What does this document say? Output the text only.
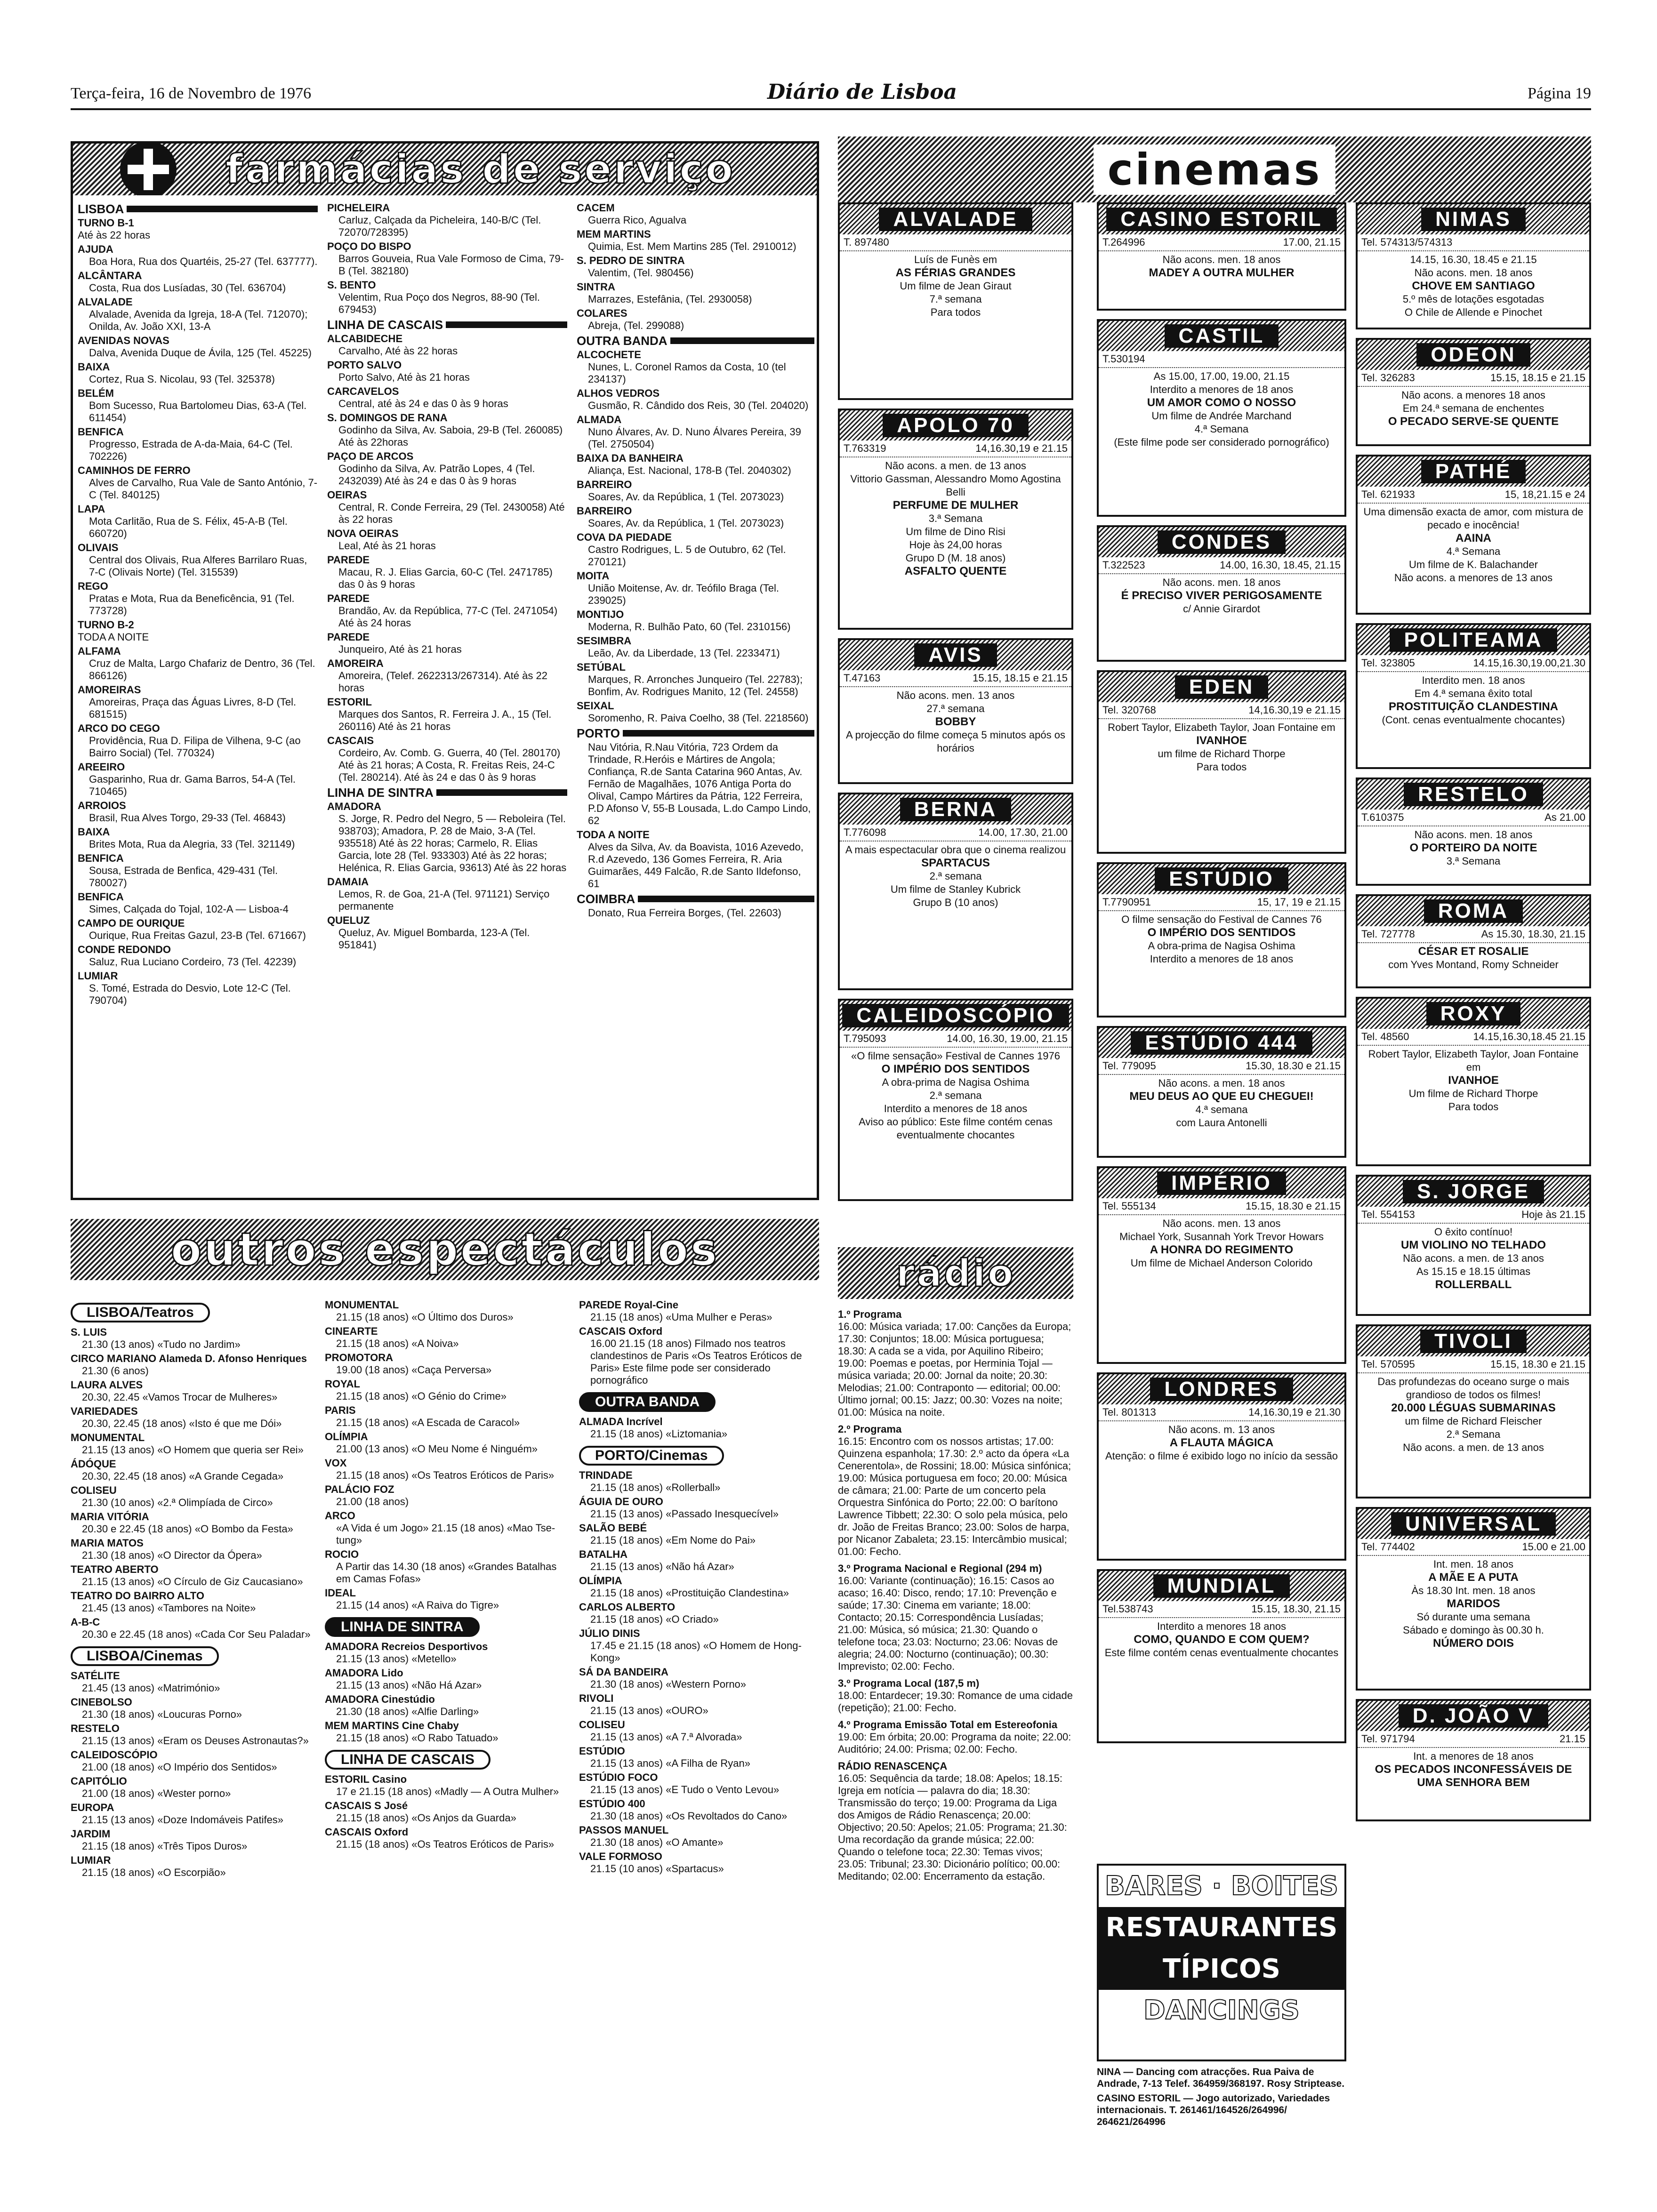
Terça-feira, 16 de Novembro de 1976	Diário de Lisboa	Página 19
farmácias de serviço
LISBOA
TURNO B-1
Até às 22 horas
AJUDA
Boa Hora, Rua dos Quartéis, 25-27 (Tel. 637777).
ALCÂNTARA
Costa, Rua dos Lusíadas, 30 (Tel. 636704)
ALVALADE
Alvalade, Avenida da Igreja, 18-A (Tel. 712070); Onilda, Av. João XXI, 13-A
AVENIDAS NOVAS
Dalva, Avenida Duque de Ávila, 125 (Tel. 45225)
BAIXA
Cortez, Rua S. Nicolau, 93 (Tel. 325378)
BELÉM
Bom Sucesso, Rua Bartolomeu Dias, 63-A (Tel. 611454)
BENFICA
Progresso, Estrada de A-da-Maia, 64-C (Tel. 702226)
CAMINHOS DE FERRO
Alves de Carvalho, Rua Vale de Santo António, 7-C (Tel. 840125)
LAPA
Mota Carlitão, Rua de S. Félix, 45-A-B (Tel. 660720)
OLIVAIS
Central dos Olivais, Rua Alferes Barrilaro Ruas, 7-C (Olivais Norte) (Tel. 315539)
REGO
Pratas e Mota, Rua da Beneficência, 91 (Tel. 773728)
TURNO B-2
TODA A NOITE
ALFAMA
Cruz de Malta, Largo Chafariz de Dentro, 36 (Tel. 866126)
AMOREIRAS
Amoreiras, Praça das Águas Livres, 8-D (Tel. 681515)
ARCO DO CEGO
Providência, Rua D. Filipa de Vilhena, 9-C (ao Bairro Social) (Tel. 770324)
AREEIRO
Gasparinho, Rua dr. Gama Barros, 54-A (Tel. 710465)
ARROIOS
Brasil, Rua Alves Torgo, 29-33 (Tel. 46843)
BAIXA
Brites Mota, Rua da Alegria, 33 (Tel. 321149)
BENFICA
Sousa, Estrada de Benfica, 429-431 (Tel. 780027)
BENFICA
Simes, Calçada do Tojal, 102-A — Lisboa-4
CAMPO DE OURIQUE
Ourique, Rua Freitas Gazul, 23-B (Tel. 671667)
CONDE REDONDO
Saluz, Rua Luciano Cordeiro, 73 (Tel. 42239)
LUMIAR
S. Tomé, Estrada do Desvio, Lote 12-C (Tel. 790704)
PICHELEIRA
Carluz, Calçada da Picheleira, 140-B/C (Tel. 72070/728395)
POÇO DO BISPO
Barros Gouveia, Rua Vale Formoso de Cima, 79-B (Tel. 382180)
S. BENTO
Velentim, Rua Poço dos Negros, 88-90 (Tel. 679453)
LINHA DE CASCAIS
ALCABIDECHE
Carvalho, Até às 22 horas
PORTO SALVO
Porto Salvo, Até às 21 horas
CARCAVELOS
Central, até às 24 e das 0 às 9 horas
S. DOMINGOS DE RANA
Godinho da Silva, Av. Saboia, 29-B (Tel. 260085) Até às 22horas
PAÇO DE ARCOS
Godinho da Silva, Av. Patrão Lopes, 4 (Tel. 2432039) Até às 24 e das 0 às 9 horas
OEIRAS
Central, R. Conde Ferreira, 29 (Tel. 2430058) Até às 22 horas
NOVA OEIRAS
Leal, Até às 21 horas
PAREDE
Macau, R. J. Elias Garcia, 60-C (Tel. 2471785) das 0 às 9 horas
PAREDE
Brandão, Av. da República, 77-C (Tel. 2471054) Até às 24 horas
PAREDE
Junqueiro, Até às 21 horas
AMOREIRA
Amoreira, (Telef. 2622313/267314). Até às 22 horas
ESTORIL
Marques dos Santos, R. Ferreira J. A., 15 (Tel. 260116) Até às 21 horas
CASCAIS
Cordeiro, Av. Comb. G. Guerra, 40 (Tel. 280170) Até às 21 horas; A Costa, R. Freitas Reis, 24-C (Tel. 280214). Até às 24 e das 0 às 9 horas
LINHA DE SINTRA
AMADORA
S. Jorge, R. Pedro del Negro, 5 — Reboleira (Tel. 938703); Amadora, P. 28 de Maio, 3-A (Tel. 935518) Até às 22 horas; Carmelo, R. Elias Garcia, lote 28 (Tel. 933303) Até às 22 horas; Helénica, R. Elias Garcia, 93613) Até às 22 horas
DAMAIA
Lemos, R. de Goa, 21-A (Tel. 971121) Serviço permanente
QUELUZ
Queluz, Av. Miguel Bombarda, 123-A (Tel. 951841)
CACEM
Guerra Rico, Agualva
MEM MARTINS
Quimia, Est. Mem Martins 285 (Tel. 2910012)
S. PEDRO DE SINTRA
Valentim, (Tel. 980456)
SINTRA
Marrazes, Estefânia, (Tel. 2930058)
COLARES
Abreja, (Tel. 299088)
OUTRA BANDA
ALCOCHETE
Nunes, L. Coronel Ramos da Costa, 10 (tel 234137)
ALHOS VEDROS
Gusmão, R. Cândido dos Reis, 30 (Tel. 204020)
ALMADA
Nuno Álvares, Av. D. Nuno Álvares Pereira, 39 (Tel. 2750504)
BAIXA DA BANHEIRA
Aliança, Est. Nacional, 178-B (Tel. 2040302)
BARREIRO
Soares, Av. da República, 1 (Tel. 2073023)
BARREIRO
Soares, Av. da República, 1 (Tel. 2073023)
COVA DA PIEDADE
Castro Rodrigues, L. 5 de Outubro, 62 (Tel. 270121)
MOITA
União Moitense, Av. dr. Teófilo Braga (Tel. 239025)
MONTIJO
Moderna, R. Bulhão Pato, 60 (Tel. 2310156)
SESIMBRA
Leão, Av. da Liberdade, 13 (Tel. 2233471)
SETÚBAL
Marques, R. Arronches Junqueiro (Tel. 22783); Bonfim, Av. Rodrigues Manito, 12 (Tel. 24558)
SEIXAL
Soromenho, R. Paiva Coelho, 38 (Tel. 2218560)
PORTO
Nau Vitória, R.Nau Vitória, 723 Ordem da Trindade, R.Heróis e Mártires de Angola; Confiança, R.de Santa Catarina 960 Antas, Av. Fernão de Magalhães, 1076 Antiga Porta do Olival, Campo Mártires da Pátria, 122 Ferreira, P.D Afonso V, 55-B Lousada, L.do Campo Lindo, 62
TODA A NOITE
Alves da Silva, Av. da Boavista, 1016 Azevedo, R.d Azevedo, 136 Gomes Ferreira, R. Aria Guimarães, 449 Falcão, R.de Santo Ildefonso, 61
COIMBRA
Donato, Rua Ferreira Borges, (Tel. 22603)
outros espectáculos
LISBOA/Teatros
S. LUIS
21.30 (13 anos) «Tudo no Jardim»
CIRCO MARIANO Alameda D. Afonso Henriques
21.30 (6 anos)
LAURA ALVES
20.30, 22.45 «Vamos Trocar de Mulheres»
VARIEDADES
20.30, 22.45 (18 anos) «Isto é que me Dói»
MONUMENTAL
21.15 (13 anos) «O Homem que queria ser Rei»
ÁDÓQUE
20.30, 22.45 (18 anos) «A Grande Cegada»
COLISEU
21.30 (10 anos) «2.ª Olimpíada de Circo»
MARIA VITÓRIA
20.30 e 22.45 (18 anos) «O Bombo da Festa»
MARIA MATOS
21.30 (18 anos) «O Director da Ópera»
TEATRO ABERTO
21.15 (13 anos) «O Círculo de Giz Caucasiano»
TEATRO DO BAIRRO ALTO
21.45 (13 anos) «Tambores na Noite»
A-B-C
20.30 e 22.45 (18 anos) «Cada Cor Seu Paladar»
LISBOA/Cinemas
SATÉLITE
21.45 (13 anos) «Matrimónio»
CINEBOLSO
21.30 (18 anos) «Loucuras Porno»
RESTELO
21.15 (13 anos) «Eram os Deuses Astronautas?»
CALEIDOSCÓPIO
21.00 (18 anos) «O Império dos Sentidos»
CAPITÓLIO
21.00 (18 anos) «Wester porno»
EUROPA
21.15 (13 anos) «Doze Indomáveis Patifes»
JARDIM
21.15 (18 anos) «Três Tipos Duros»
LUMIAR
21.15 (18 anos) «O Escorpião»
MONUMENTAL
21.15 (18 anos) «O Último dos Duros»
CINEARTE
21.15 (18 anos) «A Noiva»
PROMOTORA
19.00 (18 anos) «Caça Perversa»
ROYAL
21.15 (18 anos) «O Génio do Crime»
PARIS
21.15 (18 anos) «A Escada de Caracol»
OLÍMPIA
21.00 (13 anos) «O Meu Nome é Ninguém»
VOX
21.15 (18 anos) «Os Teatros Eróticos de Paris»
PALÁCIO FOZ
21.00 (18 anos)
ARCO
«A Vida é um Jogo» 21.15 (18 anos) «Mao Tse-tung»
ROCIO
A Partir das 14.30 (18 anos) «Grandes Batalhas em Camas Fofas»
IDEAL
21.15 (14 anos) «A Raiva do Tigre»
LINHA DE SINTRA
AMADORA Recreios Desportivos
21.15 (13 anos) «Metello»
AMADORA Lido
21.15 (13 anos) «Não Há Azar»
AMADORA Cinestúdio
21.30 (18 anos) «Alfie Darling»
MEM MARTINS Cine Chaby
21.15 (18 anos) «O Rabo Tatuado»
LINHA DE CASCAIS
ESTORIL Casino
17 e 21.15 (18 anos) «Madly — A Outra Mulher»
CASCAIS S José
21.15 (18 anos) «Os Anjos da Guarda»
CASCAIS Oxford
21.15 (18 anos) «Os Teatros Eróticos de Paris»
PAREDE Royal-Cine
21.15 (18 anos) «Uma Mulher e Peras»
CASCAIS Oxford
16.00 21.15 (18 anos) Filmado nos teatros clandestinos de Paris «Os Teatros Eróticos de Paris» Este filme pode ser considerado pornográfico
OUTRA BANDA
ALMADA Incrível
21.15 (18 anos) «Liztomania»
PORTO/Cinemas
TRINDADE
21.15 (18 anos) «Rollerball»
ÁGUIA DE OURO
21.15 (13 anos) «Passado Inesquecível»
SALÃO BEBÉ
21.15 (18 anos) «Em Nome do Pai»
BATALHA
21.15 (13 anos) «Não há Azar»
OLÍMPIA
21.15 (18 anos) «Prostituição Clandestina»
CARLOS ALBERTO
21.15 (18 anos) «O Criado»
JÚLIO DINIS
17.45 e 21.15 (18 anos) «O Homem de Hong-Kong»
SÁ DA BANDEIRA
21.30 (18 anos) «Western Porno»
RIVOLI
21.15 (13 anos) «OURO»
COLISEU
21.15 (13 anos) «A 7.ª Alvorada»
ESTÚDIO
21.15 (13 anos) «A Filha de Ryan»
ESTÚDIO FOCO
21.15 (13 anos) «E Tudo o Vento Levou»
ESTÚDIO 400
21.30 (18 anos) «Os Revoltados do Cano»
PASSOS MANUEL
21.30 (18 anos) «O Amante»
VALE FORMOSO
21.15 (10 anos) «Spartacus»
cinemas
ALVALADE
T. 897480
Luís de Funès em
AS FÉRIAS GRANDES
Um filme de Jean Giraut
7.ª semana
Para todos
APOLO 70
T.763319	14,16.30,19 e 21.15
Não acons. a men. de 13 anos
Vittorio Gassman, Alessandro Momo Agostina Belli
PERFUME DE MULHER
3.ª Semana
Um filme de Dino Risi
Hoje às 24,00 horas
Grupo D (M. 18 anos)
ASFALTO QUENTE
AVIS
T.47163	15.15, 18.15 e 21.15
Não acons. men. 13 anos
27.ª semana
BOBBY
A projecção do filme começa 5 minutos após os horários
BERNA
T.776098	14.00, 17.30, 21.00
A mais espectacular obra que o cinema realizou
SPARTACUS
2.ª semana
Um filme de Stanley Kubrick
Grupo B (10 anos)
CALEIDOSCÓPIO
T.795093	14.00, 16.30, 19.00, 21.15
«O filme sensação» Festival de Cannes 1976
O IMPÉRIO DOS SENTIDOS
A obra-prima de Nagisa Oshima
2.ª semana
Interdito a menores de 18 anos
Aviso ao público: Este filme contém cenas eventualmente chocantes
CASINO ESTORIL
T.264996	17.00, 21.15
Não acons. men. 18 anos
MADEY A OUTRA MULHER
CASTIL
T.530194
As 15.00, 17.00, 19.00, 21.15
Interdito a menores de 18 anos
UM AMOR COMO O NOSSO
Um filme de Andrée Marchand
4.ª Semana
(Este filme pode ser considerado pornográfico)
CONDES
T.322523	14.00, 16.30, 18.45, 21.15
Não acons. men. 18 anos
É PRECISO VIVER PERIGOSAMENTE
c/ Annie Girardot
EDEN
Tel. 320768	14,16.30,19 e 21.15
Robert Taylor, Elizabeth Taylor, Joan Fontaine em
IVANHOE
um filme de Richard Thorpe
Para todos
ESTÚDIO
T.7790951	15, 17, 19 e 21.15
O filme sensação do Festival de Cannes 76
O IMPÉRIO DOS SENTIDOS
A obra-prima de Nagisa Oshima
Interdito a menores de 18 anos
ESTÚDIO 444
Tel. 779095	15.30, 18.30 e 21.15
Não acons. a men. 18 anos
MEU DEUS AO QUE EU CHEGUEI!
4.ª semana
com Laura Antonelli
IMPÉRIO
Tel. 555134	15.15, 18.30 e 21.15
Não acons. men. 13 anos
Michael York, Susannah York Trevor Howars
A HONRA DO REGIMENTO
Um filme de Michael Anderson Colorido
LONDRES
Tel. 801313	14,16.30,19 e 21.30
Não acons. m. 13 anos
A FLAUTA MÁGICA
Atenção: o filme é exibido logo no início da sessão
MUNDIAL
Tel.538743	15.15, 18.30, 21.15
Interdito a menores 18 anos
COMO, QUANDO E COM QUEM?
Este filme contém cenas eventualmente chocantes
NIMAS
Tel. 574313/574313
14.15, 16.30, 18.45 e 21.15
Não acons. men. 18 anos
CHOVE EM SANTIAGO
5.º mês de lotações esgotadas
O Chile de Allende e Pinochet
ODEON
Tel. 326283	15.15, 18.15 e 21.15
Não acons. a menores 18 anos
Em 24.ª semana de enchentes
O PECADO SERVE-SE QUENTE
PATHÉ
Tel. 621933	15, 18,21.15 e 24
Uma dimensão exacta de amor, com mistura de pecado e inocência!
AAINA
4.ª Semana
Um filme de K. Balachander
Não acons. a menores de 13 anos
POLITEAMA
Tel. 323805	14.15,16.30,19.00,21.30
Interdito men. 18 anos
Em 4.ª semana êxito total
PROSTITUIÇÃO CLANDESTINA
(Cont. cenas eventualmente chocantes)
RESTELO
T.610375	As 21.00
Não acons. men. 18 anos
O PORTEIRO DA NOITE
3.ª Semana
ROMA
Tel. 727778	As 15.30, 18.30, 21.15
CÉSAR ET ROSALIE
com Yves Montand, Romy Schneider
ROXY
Tel. 48560	14.15,16.30,18.45 21.15
Robert Taylor, Elizabeth Taylor, Joan Fontaine em
IVANHOE
Um filme de Richard Thorpe
Para todos
S. JORGE
Tel. 554153	Hoje às 21.15
O êxito contínuo!
UM VIOLINO NO TELHADO
Não acons. a men. de 13 anos
As 15.15 e 18.15 últimas
ROLLERBALL
TIVOLI
Tel. 570595	15.15, 18.30 e 21.15
Das profundezas do oceano surge o mais grandioso de todos os filmes!
20.000 LÉGUAS SUBMARINAS
um filme de Richard Fleischer
2.ª Semana
Não acons. a men. de 13 anos
UNIVERSAL
Tel. 774402	15.00 e 21.00
Int. men. 18 anos
A MÃE E A PUTA
Às 18.30 Int. men. 18 anos
MARIDOS
Só durante uma semana
Sábado e domingo às 00.30 h.
NÚMERO DOIS
D. JOÃO V
Tel. 971794	21.15
Int. a menores de 18 anos
OS PECADOS INCONFESSÁVEIS DE UMA SENHORA BEM
rádio
1.º Programa
16.00: Música variada; 17.00: Canções da Europa; 17.30: Conjuntos; 18.00: Música portuguesa; 18.30: A cada se a vida, por Aquilino Ribeiro; 19.00: Poemas e poetas, por Herminia Tojal — música variada; 20.00: Jornal da noite; 20.30: Melodias; 21.00: Contraponto — editorial; 00.00: Último jornal; 00.15: Jazz; 00.30: Vozes na noite; 01.00: Música na noite.
2.º Programa
16.15: Encontro com os nossos artistas; 17.00: Quinzena espanhola; 17.30: 2.º acto da ópera «La Cenerentola», de Rossini; 18.00: Música sinfónica; 19.00: Música portuguesa em foco; 20.00: Música de câmara; 21.00: Parte de um concerto pela Orquestra Sinfónica do Porto; 22.00: O barítono Lawrence Tibbett; 22.30: O solo pela música, pelo dr. João de Freitas Branco; 23.00: Solos de harpa, por Nicanor Zabaleta; 23.15: Intercâmbio musical; 01.00: Fecho.
3.º Programa Nacional e Regional (294 m)
16.00: Variante (continuação); 16.15: Casos ao acaso; 16.40: Disco, rendo; 17.10: Prevenção e saúde; 17.30: Cinema em variante; 18.00: Contacto; 20.15: Correspondência Lusíadas; 21.00: Música, só música; 21.30: Quando o telefone toca; 23.03: Nocturno; 23.06: Novas de alegria; 24.00: Nocturno (continuação); 00.30: Imprevisto; 02.00: Fecho.
3.º Programa Local (187,5 m)
18.00: Entardecer; 19.30: Romance de uma cidade (repetição); 21.00: Fecho.
4.º Programa Emissão Total em Estereofonia
19.00: Em órbita; 20.00: Programa da noite; 22.00: Auditório; 24.00: Prisma; 02.00: Fecho.
RÁDIO RENASCENÇA
16.05: Sequência da tarde; 18.08: Apelos; 18.15: Igreja em notícia — palavra do dia; 18.30: Transmissão do terço; 19.00: Programa da Liga dos Amigos de Rádio Renascença; 20.00: Objectivo; 20.50: Apelos; 21.05: Programa; 21.30: Uma recordação da grande música; 22.00: Quando o telefone toca; 22.30: Temas vivos; 23.05: Tribunal; 23.30: Dicionário político; 00.00: Meditando; 02.00: Encerramento da estação.	BARES · BOITES
RESTAURANTES
TÍPICOS
DANCINGS
NINA — Dancing com atracções. Rua Paiva de Andrade, 7-13 Telef. 364959/368197. Rosy Striptease.
CASINO ESTORIL — Jogo autorizado, Variedades internacionais. T. 261461/164526/264996/ 264621/264996
